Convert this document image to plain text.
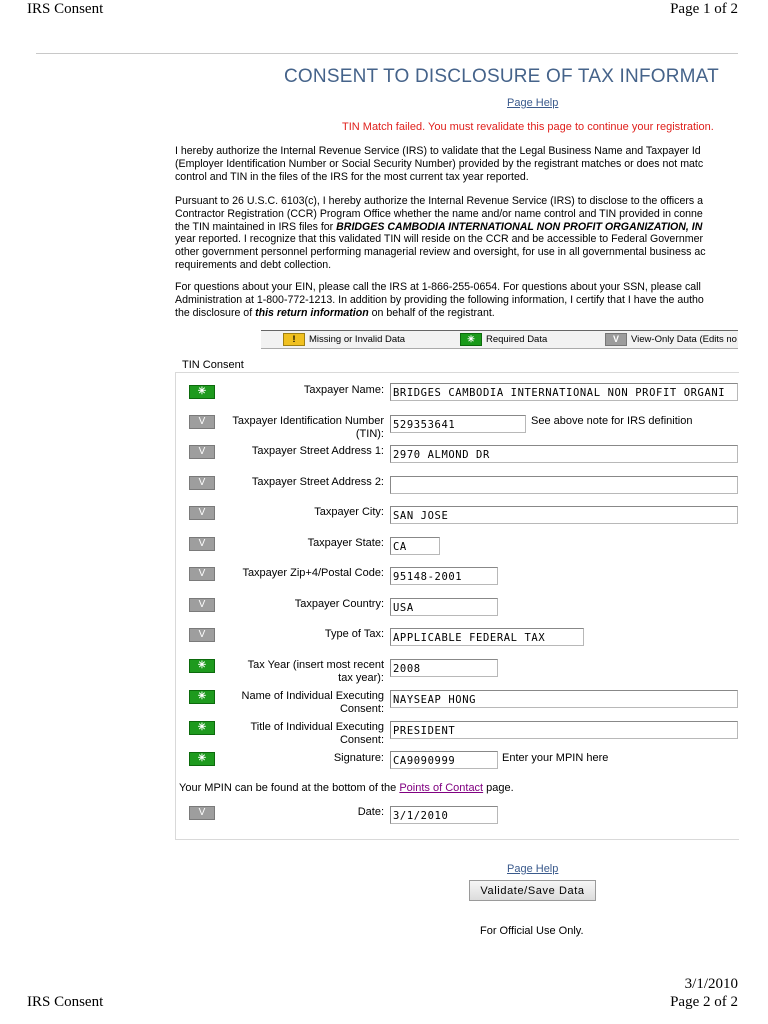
IRS Consent	Page 1 of 2
CONSENT TO DISCLOSURE OF TAX INFORMAT
Page Help
TIN Match failed. You must revalidate this page to continue your registration.
I hereby authorize the Internal Revenue Service (IRS) to validate that the Legal Business Name and Taxpayer Id
(Employer Identification Number or Social Security Number) provided by the registrant matches or does not matc
control and TIN in the files of the IRS for the most current tax year reported.
Pursuant to 26 U.S.C. 6103(c), I hereby authorize the Internal Revenue Service (IRS) to disclose to the officers a
Contractor Registration (CCR) Program Office whether the name and/or name control and TIN provided in conne
the TIN maintained in IRS files for BRIDGES CAMBODIA INTERNATIONAL NON PROFIT ORGANIZATION, IN
year reported. I recognize that this validated TIN will reside on the CCR and be accessible to Federal Governmer
other government personnel performing managerial review and oversight, for use in all governmental business ac
requirements and debt collection.
For questions about your EIN, please call the IRS at 1-866-255-0654. For questions about your SSN, please call
Administration at 1-800-772-1213. In addition by providing the following information, I certify that I have the autho
the disclosure of this return information on behalf of the registrant.
!	Missing or Invalid Data	✳	Required Data	V	View-Only Data (Edits no
TIN Consent
✳	Taxpayer Name: BRIDGES CAMBODIA INTERNATIONAL NON PROFIT ORGANI
V	Taxpayer Identification Number
(TIN):
529353641	See above note for IRS definition
V	Taxpayer Street Address 1: 2970 ALMOND DR
V	Taxpayer Street Address 2:
V	Taxpayer City: SAN JOSE
V	Taxpayer State: CA
V	Taxpayer Zip+4/Postal Code: 95148-2001
V	Taxpayer Country: USA
V	Type of Tax: APPLICABLE FEDERAL TAX
✳	Tax Year (insert most recent
tax year):
2008
✳	Name of Individual Executing
Consent:
NAYSEAP HONG
✳	Title of Individual Executing
Consent:
PRESIDENT
✳	Signature: CA9090999	Enter your MPIN here
Your MPIN can be found at the bottom of the Points of Contact page.
V	Date: 3/1/2010
Page Help
Validate/Save Data
For Official Use Only.
3/1/2010
IRS Consent	Page 2 of 2
